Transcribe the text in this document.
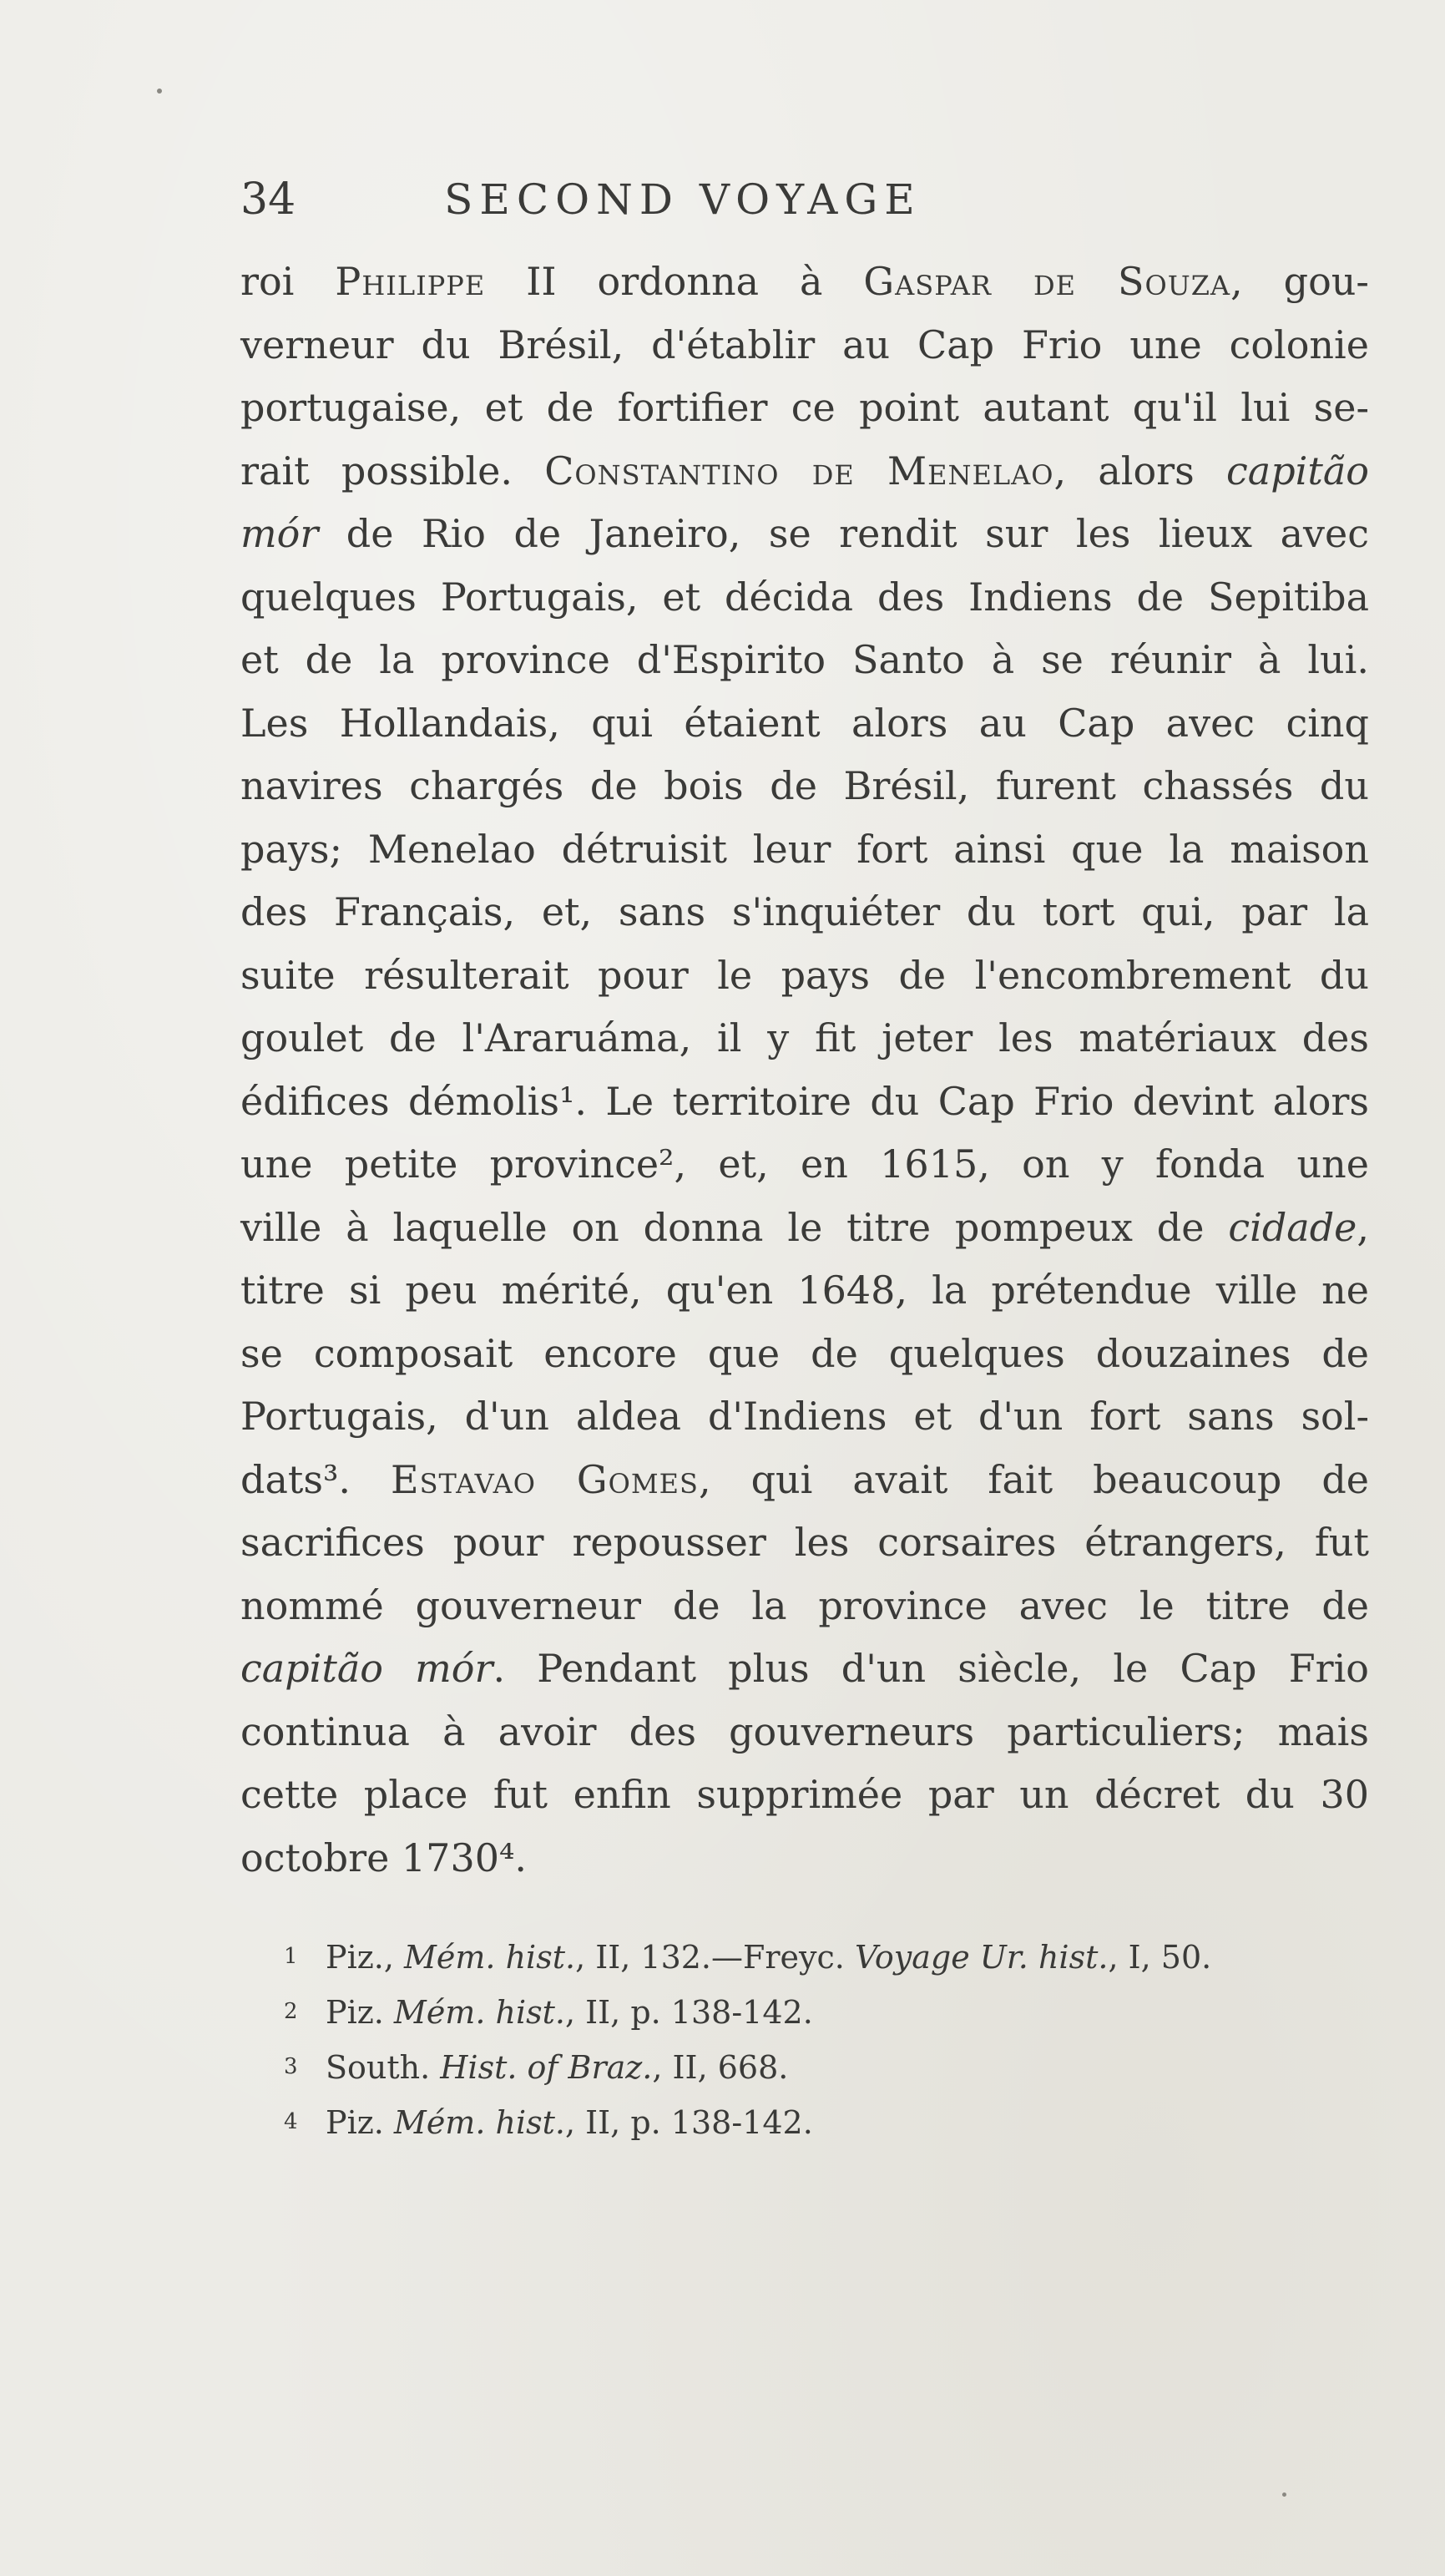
34	SECOND VOYAGE
roi Philippe II ordonna à Gaspar de Souza, gou-
verneur du Brésil, d'établir au Cap Frio une colonie
portugaise, et de fortifier ce point autant qu'il lui se-
rait possible. Constantino de Menelao, alors capitão
mór de Rio de Janeiro, se rendit sur les lieux avec
quelques Portugais, et décida des Indiens de Sepitiba
et de la province d'Espirito Santo à se réunir à lui.
Les Hollandais, qui étaient alors au Cap avec cinq
navires chargés de bois de Brésil, furent chassés du
pays; Menelao détruisit leur fort ainsi que la maison
des Français, et, sans s'inquiéter du tort qui, par la
suite résulterait pour le pays de l'encombrement du
goulet de l'Araruáma, il y fit jeter les matériaux des
édifices démolis¹. Le territoire du Cap Frio devint alors
une petite province², et, en 1615, on y fonda une
ville à laquelle on donna le titre pompeux de cidade,
titre si peu mérité, qu'en 1648, la prétendue ville ne
se composait encore que de quelques douzaines de
Portugais, d'un aldea d'Indiens et d'un fort sans sol-
dats³. Estavao Gomes, qui avait fait beaucoup de
sacrifices pour repousser les corsaires étrangers, fut
nommé gouverneur de la province avec le titre de
capitão mór. Pendant plus d'un siècle, le Cap Frio
continua à avoir des gouverneurs particuliers; mais
cette place fut enfin supprimée par un décret du 30
octobre 1730⁴.
1 Piz., Mém. hist., II, 132.—Freyc. Voyage Ur. hist., I, 50.
2 Piz. Mém. hist., II, p. 138-142.
3 South. Hist. of Braz., II, 668.
4 Piz. Mém. hist., II, p. 138-142.
